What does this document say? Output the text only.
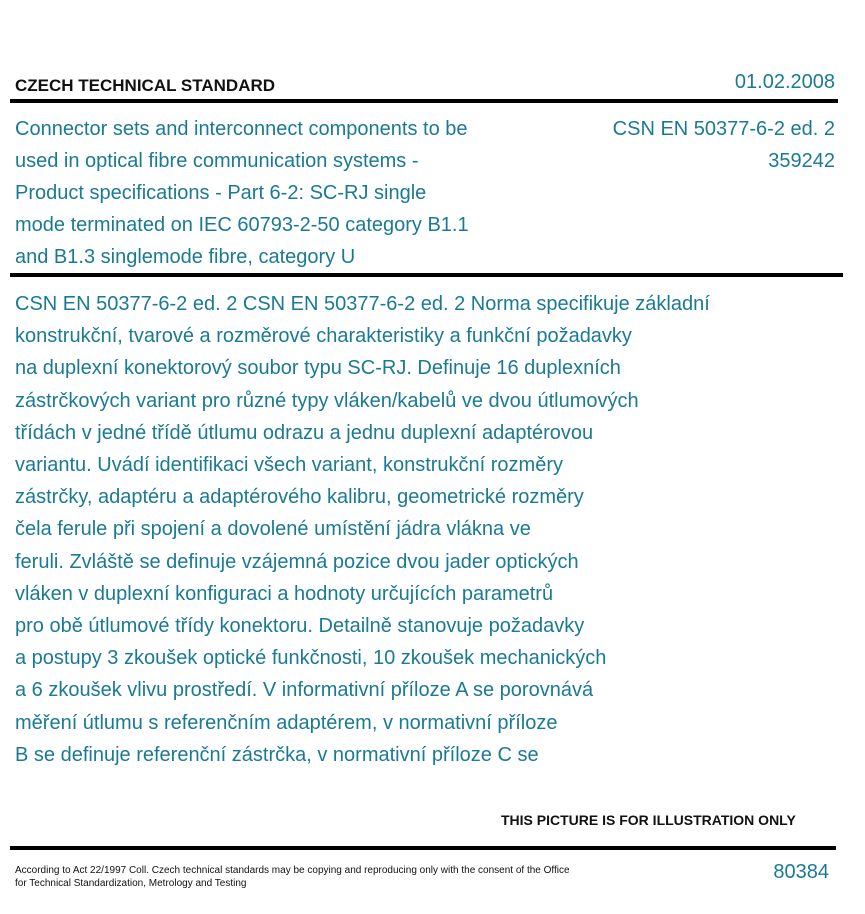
CZECH TECHNICAL STANDARD	01.02.2008
Connector sets and interconnect components to be
used in optical fibre communication systems -
Product specifications - Part 6-2: SC-RJ single
mode terminated on IEC 60793-2-50 category B1.1
and B1.3 singlemode fibre, category U
CSN EN 50377-6-2 ed. 2
359242
CSN EN 50377-6-2 ed. 2 CSN EN 50377-6-2 ed. 2 Norma specifikuje základní
konstrukční, tvarové a rozměrové charakteristiky a funkční požadavky
na duplexní konektorový soubor typu SC-RJ. Definuje 16 duplexních
zástrčkových variant pro různé typy vláken/kabelů ve dvou útlumových
třídách v jedné třídě útlumu odrazu a jednu duplexní adaptérovou
variantu. Uvádí identifikaci všech variant, konstrukční rozměry
zástrčky, adaptéru a adaptérového kalibru, geometrické rozměry
čela ferule při spojení a dovolené umístění jádra vlákna ve
feruli. Zvláště se definuje vzájemná pozice dvou jader optických
vláken v duplexní konfiguraci a hodnoty určujících parametrů
pro obě útlumové třídy konektoru. Detailně stanovuje požadavky
a postupy 3 zkoušek optické funkčnosti, 10 zkoušek mechanických
a 6 zkoušek vlivu prostředí. V informativní příloze A se porovnává
měření útlumu s referenčním adaptérem, v normativní příloze
B se definuje referenční zástrčka, v normativní příloze C se
THIS PICTURE IS FOR ILLUSTRATION ONLY
According to Act 22/1997 Coll. Czech technical standards may be copying and reproducing only with the consent of the Office
for Technical Standardization, Metrology and Testing
80384
